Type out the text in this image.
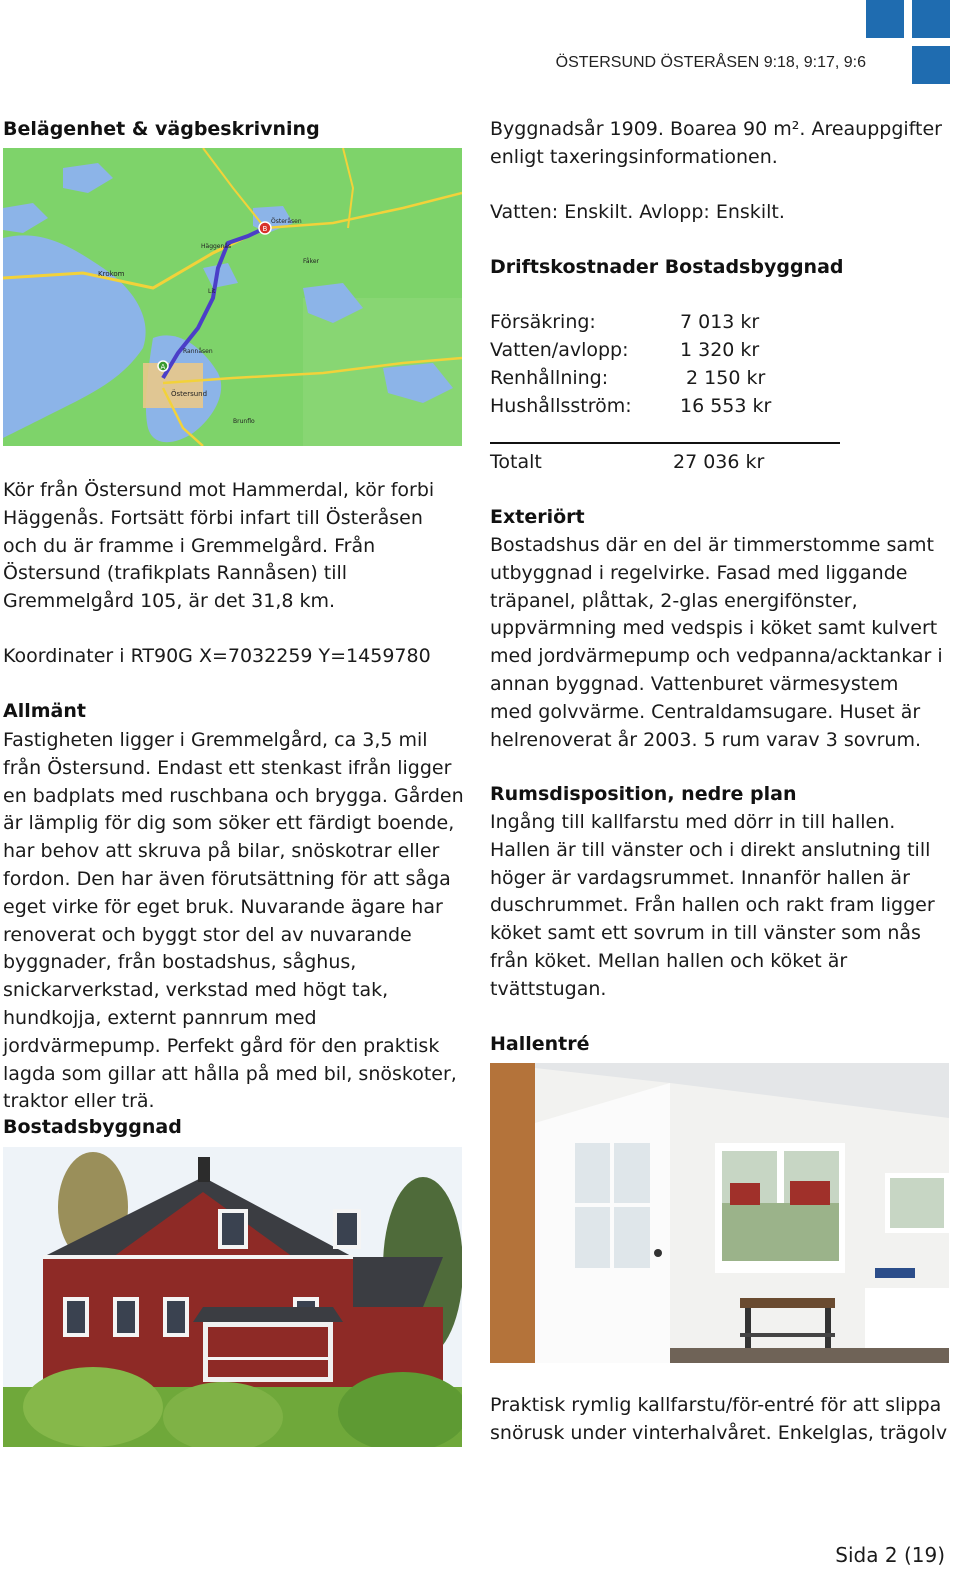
ÖSTERSUND ÖSTERÅSEN 9:18, 9:17, 9:6
Belägenhet & vägbeskrivning
Krokom
Östersund
Häggenås
Lit
Österåsen
Fåker
Brunflo
Rannåsen
A
B
Kör från Östersund mot Hammerdal, kör forbi Häggenås. Fortsätt förbi infart till Österåsen och du är framme i Gremmelgård. Från Östersund (trafikplats Rannåsen) till Gremmelgård 105, är det 31,8 km.
Koordinater i RT90G X=7032259 Y=1459780
Allmänt
Fastigheten ligger i Gremmelgård, ca 3,5 mil från Östersund. Endast ett stenkast ifrån ligger en badplats med ruschbana och brygga. Gården är lämplig för dig som söker ett färdigt boende, har behov att skruva på bilar, snöskotrar eller fordon. Den har även förutsättning för att såga eget virke för eget bruk. Nuvarande ägare har renoverat och byggt stor del av nuvarande byggnader, från bostadshus, såghus, snickarverkstad, verkstad med högt tak, hundkojja, externt pannrum med jordvärmepump. Perfekt gård för den praktisk lagda som gillar att hålla på med bil, snöskoter, traktor eller trä.
Bostadsbyggnad
Byggnadsår 1909. Boarea 90 m². Areauppgifter enligt taxeringsinformationen.
Vatten: Enskilt. Avlopp: Enskilt.
Driftskostnader Bostadsbyggnad
Försäkring:	7 013 kr
Vatten/avlopp:	1 320 kr
Renhållning:	2 150 kr
Hushållsström:	16 553 kr
Totalt	27 036 kr
Exteriört
Bostadshus där en del är timmerstomme samt utbyggnad i regelvirke. Fasad med liggande träpanel, plåttak, 2-glas energifönster, uppvärmning med vedspis i köket samt kulvert med jordvärmepump och vedpanna/acktankar i annan byggnad. Vattenburet värmesystem med golvvärme. Centraldamsugare. Huset är helrenoverat år 2003. 5 rum varav 3 sovrum.
Rumsdisposition, nedre plan
Ingång till kallfarstu med dörr in till hallen. Hallen är till vänster och i direkt anslutning till höger är vardagsrummet. Innanför hallen är duschrummet. Från hallen och rakt fram ligger köket samt ett sovrum in till vänster som nås från köket. Mellan hallen och köket är tvättstugan.
Hallentré
Praktisk rymlig kallfarstu/för-entré för att slippa snörusk under vinterhalvåret. Enkelglas, trägolv
Sida 2 (19)
